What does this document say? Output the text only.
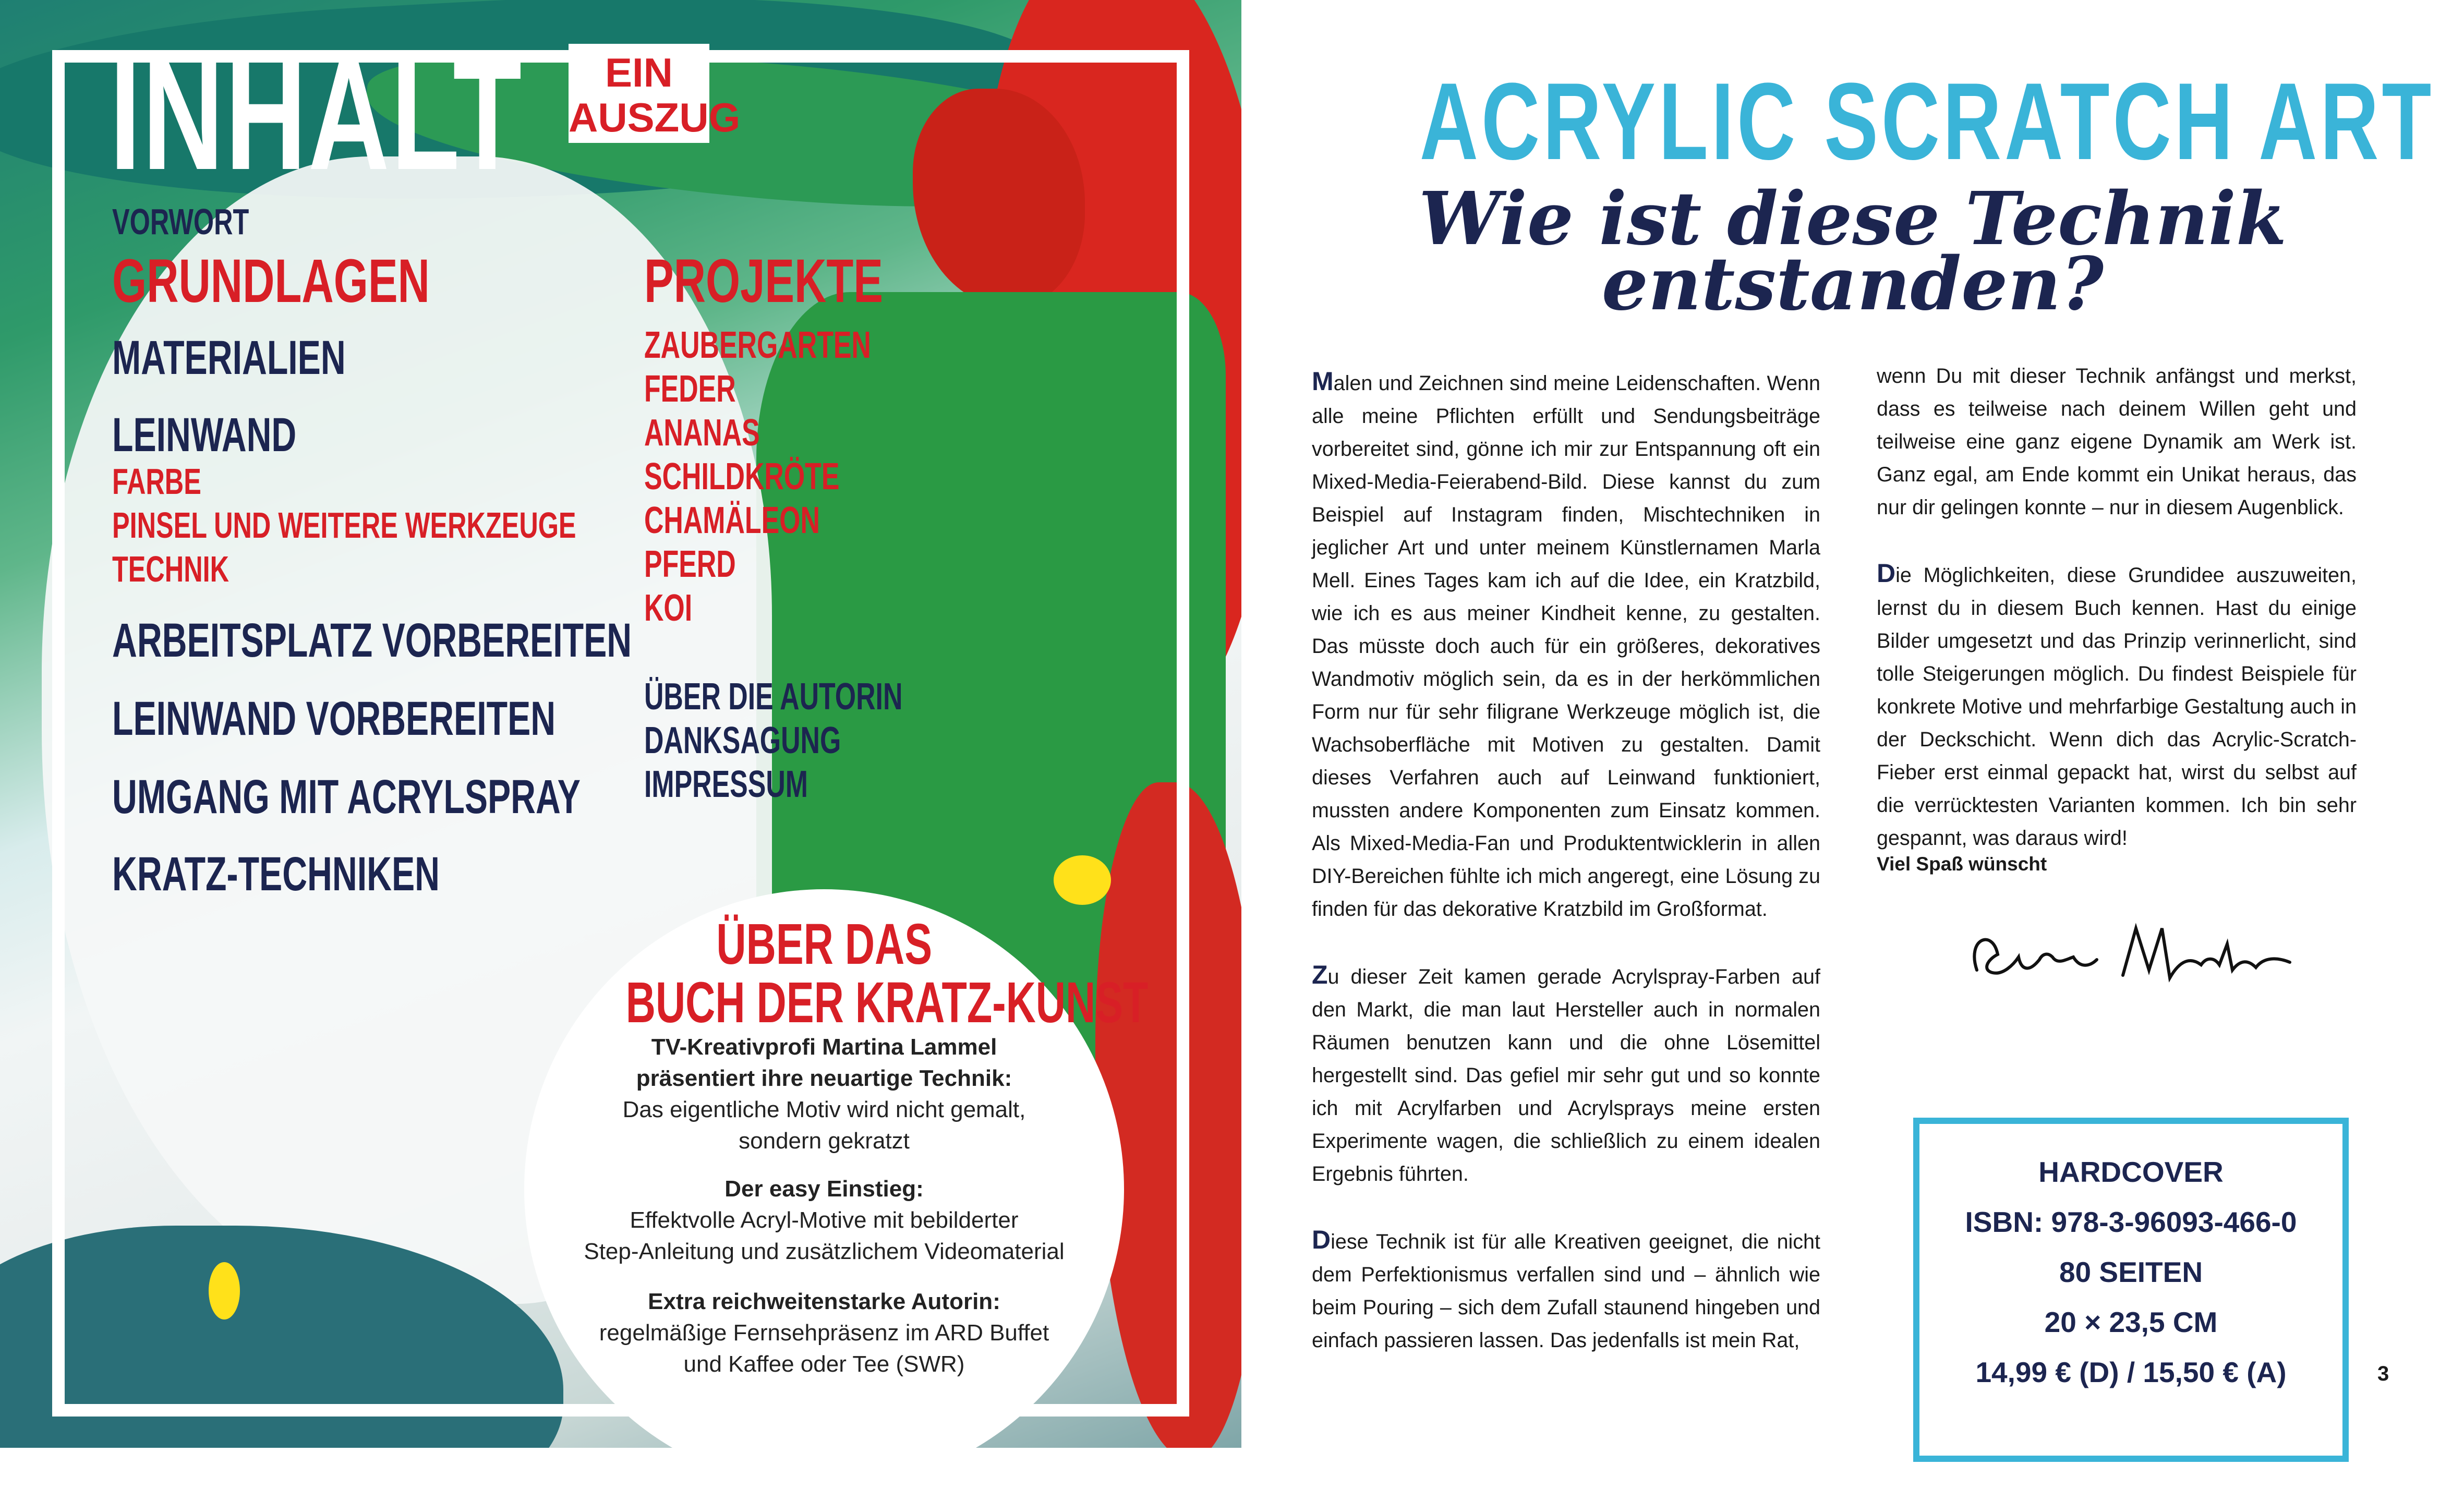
INHALT	EIN
AUSZUG
VORWORT
GRUNDLAGEN
MATERIALIEN
LEINWAND
FARBE
PINSEL UND WEITERE WERKZEUGE
TECHNIK
ARBEITSPLATZ VORBEREITEN
LEINWAND VORBEREITEN
UMGANG MIT ACRYLSPRAY
KRATZ-TECHNIKEN
PROJEKTE
ZAUBERGARTEN
FEDER
ANANAS
SCHILDKRÖTE
CHAMÄLEON
PFERD
KOI
ÜBER DIE AUTORIN
DANKSAGUNG
IMPRESSUM
ÜBER DAS
BUCH DER KRATZ-KUNST
TV-Kreativprofi Martina Lammel
präsentiert ihre neuartige Technik:
Das eigentliche Motiv wird nicht gemalt,
sondern gekratzt
Der easy Einstieg:
Effektvolle Acryl-Motive mit bebilderter
Step-Anleitung und zusätzlichem Videomaterial
Extra reichweitenstarke Autorin:
regelmäßige Fernsehpräsenz im ARD Buffet
und Kaffee oder Tee (SWR)
ACRYLIC SCRATCH ART
Wie ist diese Technik
entstanden?

Malen und Zeichnen sind meine Leidenschaften. Wenn alle meine Pflichten erfüllt und Sendungsbeiträge vorbereitet sind, gönne ich mir zur Entspannung oft ein Mixed-Media-Feierabend-Bild. Diese kannst du zum Beispiel auf Instagram finden, Mischtechniken in jeglicher Art und unter meinem Künstlernamen Marla Mell. Eines Tages kam ich auf die Idee, ein Kratzbild, wie ich es aus meiner Kindheit kenne, zu gestalten. Das müsste doch auch für ein größeres, dekoratives Wandmotiv möglich sein, da es in der herkömmlichen Form nur für sehr filigrane Werkzeuge möglich ist, die Wachsoberfläche mit Motiven zu gestalten. Damit dieses Verfahren auch auf Leinwand funktioniert, mussten andere Komponenten zum Einsatz kommen. Als Mixed-Media-Fan und Produktentwicklerin in allen DIY-Bereichen fühlte ich mich angeregt, eine Lösung zu finden für das dekorative Kratzbild im Großformat.

Zu dieser Zeit kamen gerade Acrylspray-Farben auf den Markt, die man laut Hersteller auch in normalen Räumen benutzen kann und die ohne Lösemittel hergestellt sind. Das gefiel mir sehr gut und so konnte ich mit Acrylfarben und Acrylsprays meine ersten Experimente wagen, die schließlich zu einem idealen Ergebnis führten.

Diese Technik ist für alle Kreativen geeignet, die nicht dem Perfektionismus verfallen sind und – ähnlich wie beim Pouring – sich dem Zufall staunend hingeben und einfach passieren lassen. Das jedenfalls ist mein Rat,

wenn Du mit dieser Technik anfängst und merkst, dass es teilweise nach deinem Willen geht und teilweise eine ganz eigene Dynamik am Werk ist. Ganz egal, am Ende kommt ein Unikat heraus, das nur dir gelingen konnte – nur in diesem Augenblick.

Die Möglichkeiten, diese Grundidee auszuweiten, lernst du in diesem Buch kennen. Hast du einige Bilder umgesetzt und das Prinzip verinnerlicht, sind tolle Steigerungen möglich. Du findest Beispiele für konkrete Motive und mehrfarbige Gestaltung auch in der Deckschicht. Wenn dich das Acrylic-Scratch-Fieber erst einmal gepackt hat, wirst du selbst auf die verrücktesten Varianten kommen. Ich bin sehr gespannt, was daraus wird!

Viel Spaß wünscht
HARDCOVER
ISBN: 978-3-96093-466-0
80 SEITEN
20 × 23,5 CM
14,99 € (D) / 15,50 € (A)	3
